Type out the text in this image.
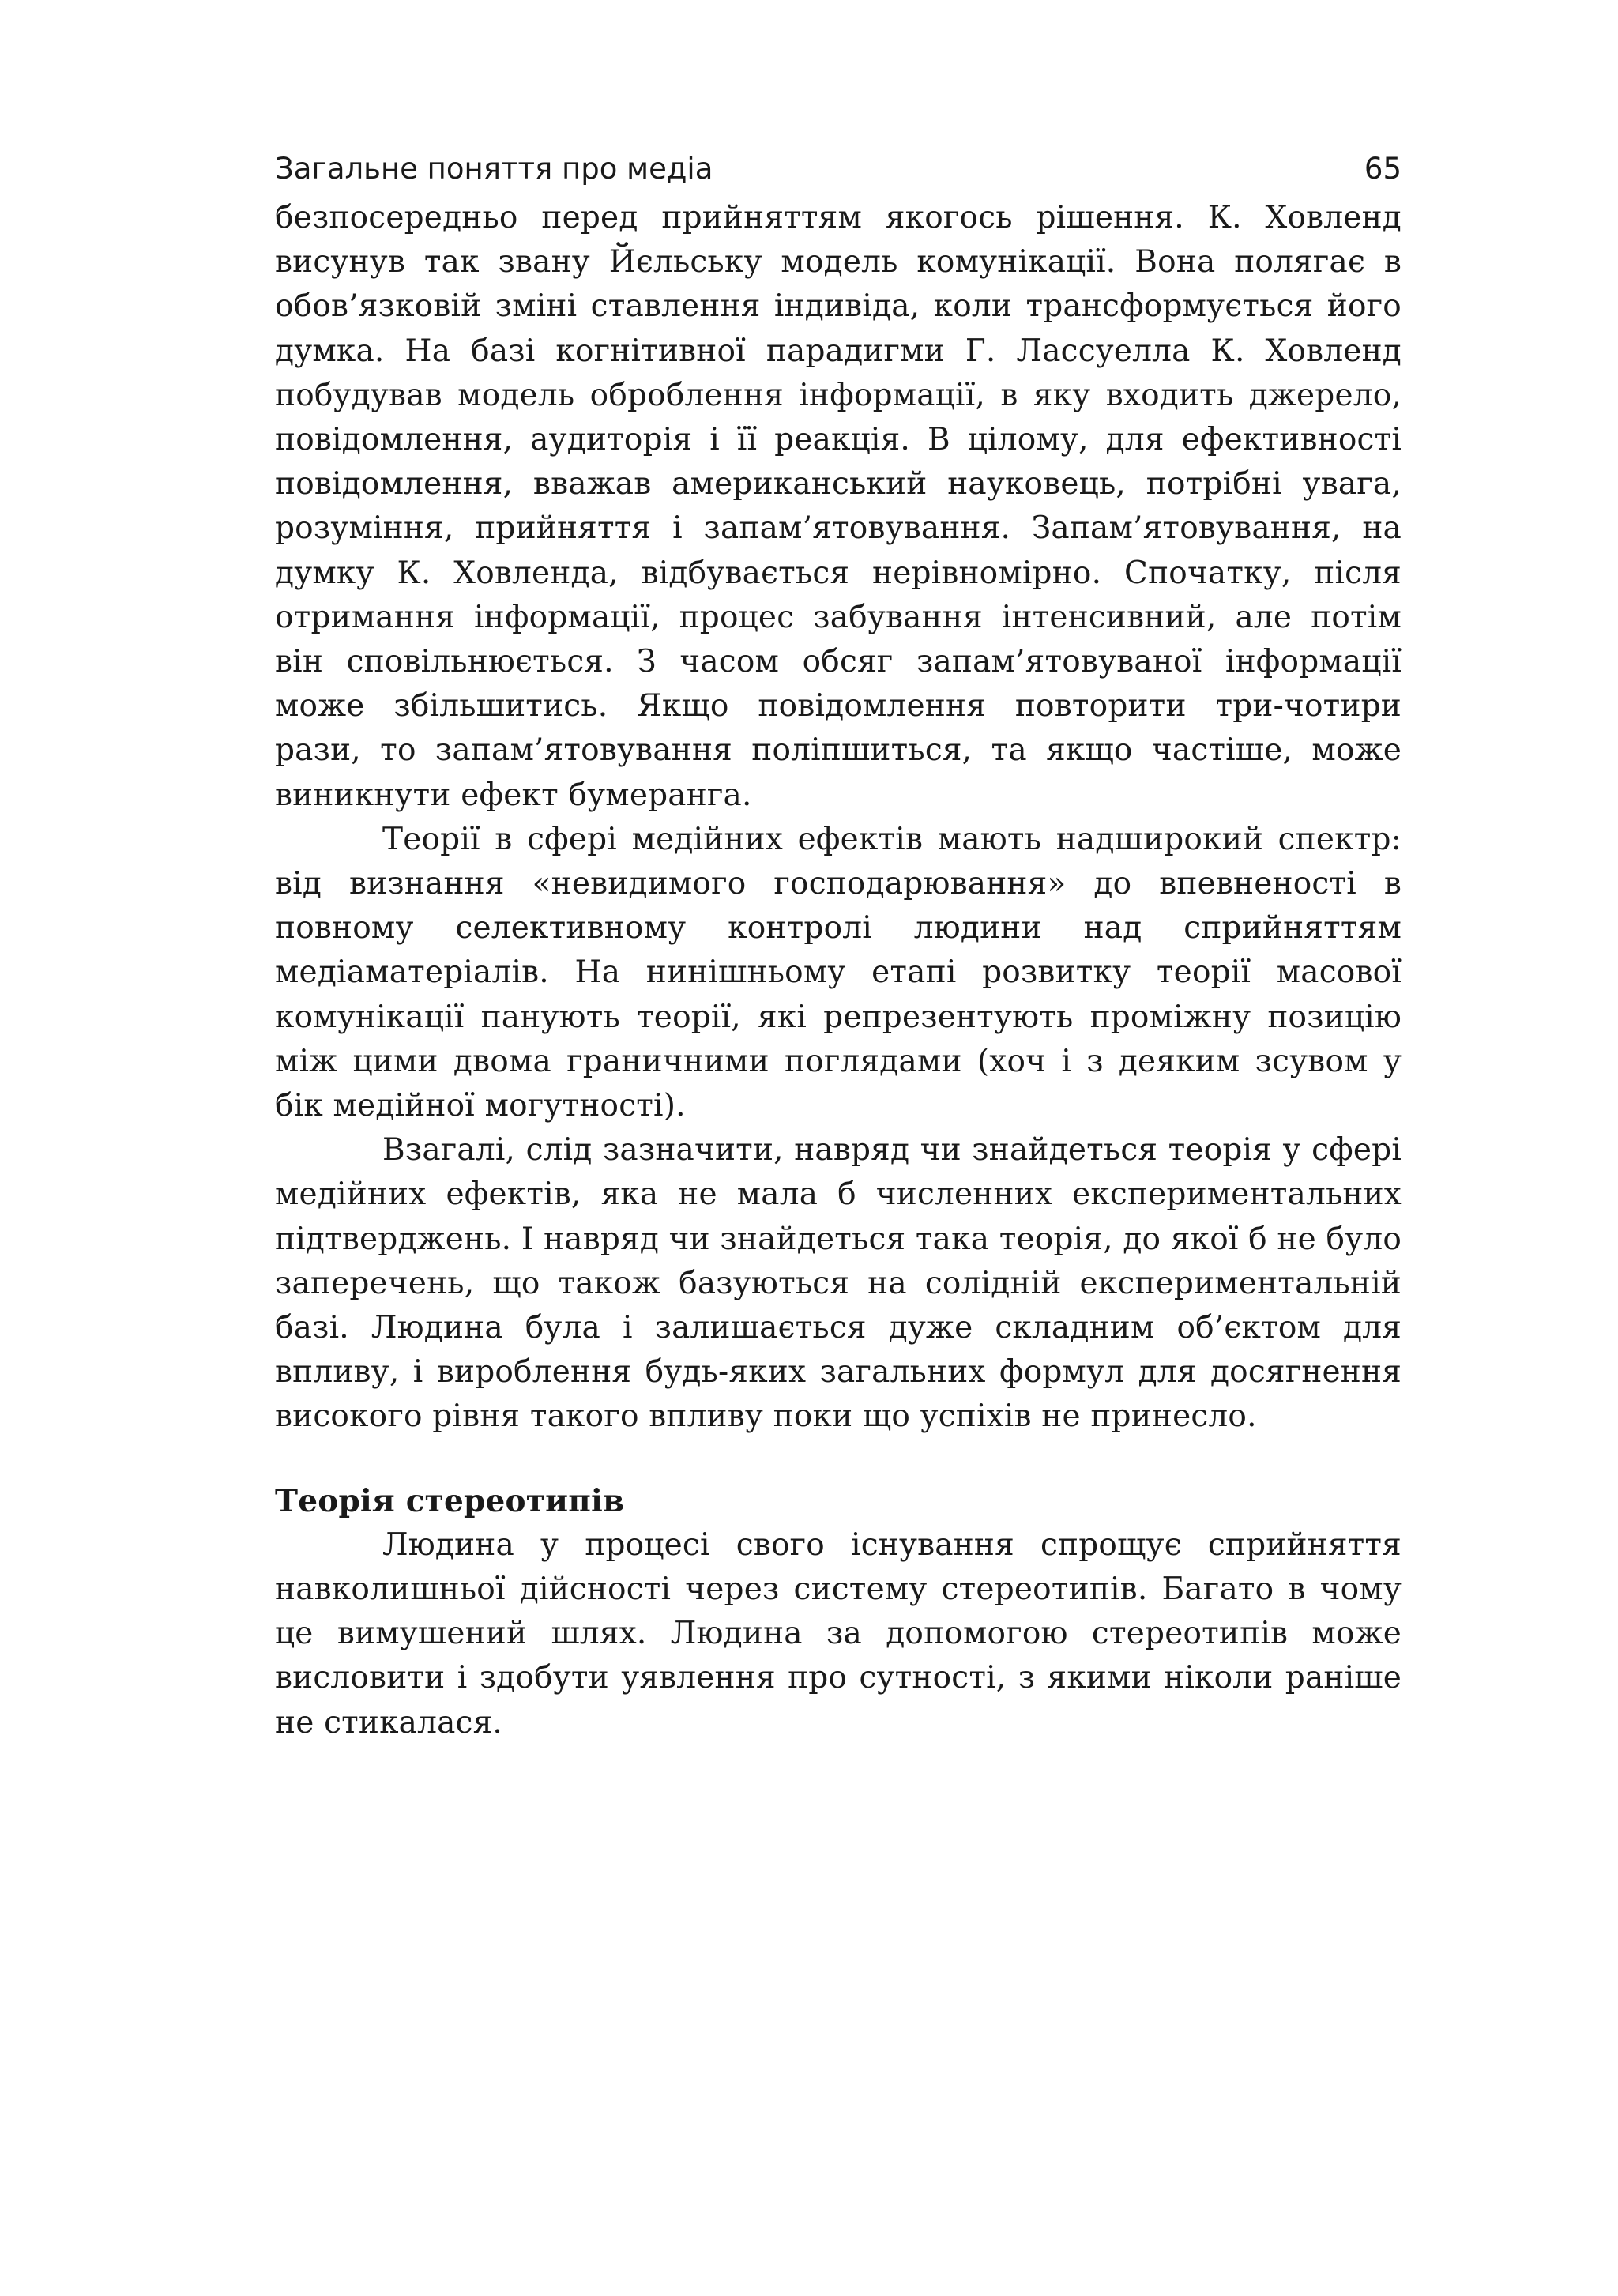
Загальне поняття про медіа	65

безпосередньо перед прийняттям якогось рішення. К. Ховленд висунув так звану Йєльську модель комунікації. Вона полягає в обов’язковій зміні ставлення індивіда, коли трансформується його думка. На базі когнітивної парадигми Г. Лассуелла К. Ховленд побудував модель оброблення інформації, в яку входить джерело, повідомлення, аудиторія і її реакція. В цілому, для ефективності повідомлення, вважав американський науковець, потрібні увага, розуміння, прийняття і запам’ятовування. Запам’ятовування, на думку К. Ховленда, відбувається нерівномірно. Спочатку, після отримання інформації, процес забування інтенсивний, але потім він сповільнюється. З часом обсяг запам’ятовуваної інформації може збільшитись. Якщо повідомлення повторити три-чотири рази, то запам’ятовування поліпшиться, та якщо частіше, може виникнути ефект бумеранга.

Теорії в сфері медійних ефектів мають надширокий спектр: від визнання «невидимого господарювання» до впевненості в повному селективному контролі людини над сприйняттям медіаматеріалів. На нинішньому етапі розвитку теорії масової комунікації панують теорії, які репрезентують проміжну позицію між цими двома граничними поглядами (хоч і з деяким зсувом у бік медійної могутності).

Взагалі, слід зазначити, навряд чи знайдеться теорія у сфері медійних ефектів, яка не мала б численних експериментальних підтверджень. І навряд чи знайдеться така теорія, до якої б не було заперечень, що також базуються на солідній експериментальній базі. Людина була і залишається дуже складним об’єктом для впливу, і вироблення будь-яких загальних формул для досягнення високого рівня такого впливу поки що успіхів не принесло.

Теорія стереотипів

Людина у процесі свого існування спрощує сприйняття навколишньої дійсності через систему стереотипів. Багато в чому це вимушений шлях. Людина за допомогою стереотипів може висловити і здобути уявлення про сутності, з якими ніколи раніше не стикалася.
